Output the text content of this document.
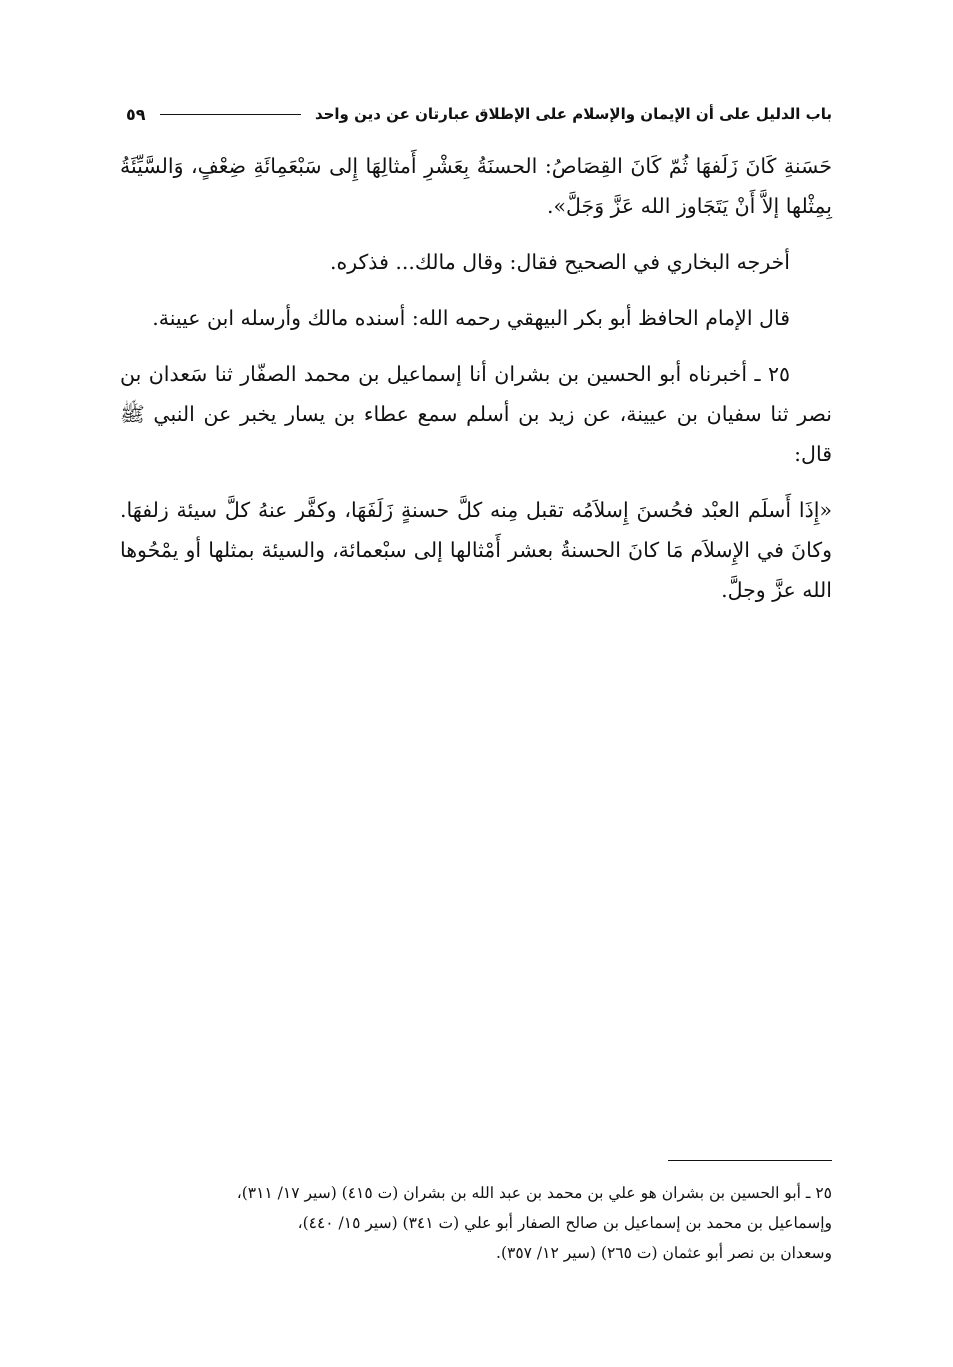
باب الدليل على أن الإيمان والإسلام على الإطلاق عبارتان عن دين واحد
٥٩

حَسَنةِ كَانَ زَلَفهَا ثُمّ كَانَ القِصَاصُ: الحسنَةُ بِعَشْرِ أَمثالِهَا إِلى سَبْعَمِائَةِ ضِعْفٍ، وَالسَّيِّئَةُ بِمِثْلها إلاَّ أَنْ يَتَجَاوز الله عَزَّ وَجَلَّ».

أخرجه البخاري في الصحيح فقال: وقال مالك... فذكره.

قال الإمام الحافظ أبو بكر البيهقي رحمه الله: أسنده مالك وأرسله ابن عيينة.

٢٥ ـ أخبرناه أبو الحسين بن بشران أنا إسماعيل بن محمد الصفّار ثنا سَعدان بن نصر ثنا سفيان بن عيينة، عن زيد بن أسلم سمع عطاء بن يسار يخبر عن النبي ﷺ قال:

«إِذَا أَسلَم العبْد فحُسنَ إِسلاَمُه تقبل مِنه كلَّ حسنةٍ زَلَفَهَا، وكفَّر عنهُ كلَّ سيئة زلفهَا. وكانَ في الإِسلاَم مَا كانَ الحسنةُ بعشر أَمْثالها إلى سبْعمائة، والسيئة بمثلها أو يمْحُوها الله عزَّ وجلَّ.

٢٥ ـ أبو الحسين بن بشران هو علي بن محمد بن عبد الله بن بشران (ت ٤١٥) (سير ١٧/ ٣١١)،

وإسماعيل بن محمد بن إسماعيل بن صالح الصفار أبو علي (ت ٣٤١) (سير ١٥/ ٤٤٠)،

وسعدان بن نصر أبو عثمان (ت ٢٦٥) (سير ١٢/ ٣٥٧).
